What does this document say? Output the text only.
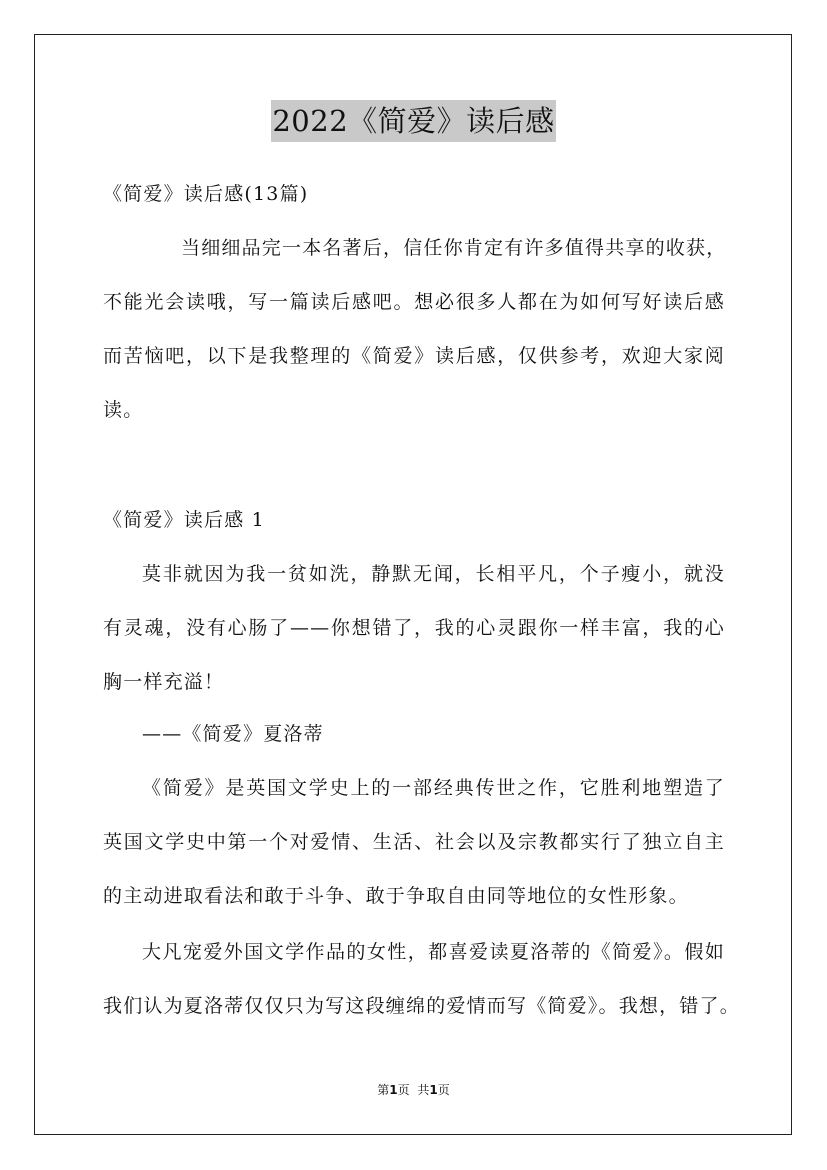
2022《简爱》读后感
《简爱》读后感(13篇)
当细细品完一本名著后，信任你肯定有许多值得共享的收获，
不能光会读哦，写一篇读后感吧。想必很多人都在为如何写好读后感
而苦恼吧，以下是我整理的《简爱》读后感，仅供参考，欢迎大家阅
读。
《简爱》读后感 1
莫非就因为我一贫如洗，静默无闻，长相平凡，个子瘦小，就没
有灵魂，没有心肠了——你想错了，我的心灵跟你一样丰富，我的心
胸一样充溢！
——《简爱》夏洛蒂
《简爱》是英国文学史上的一部经典传世之作，它胜利地塑造了
英国文学史中第一个对爱情、生活、社会以及宗教都实行了独立自主
的主动进取看法和敢于斗争、敢于争取自由同等地位的女性形象。
大凡宠爱外国文学作品的女性，都喜爱读夏洛蒂的《简爱》。假如
我们认为夏洛蒂仅仅只为写这段缠绵的爱情而写《简爱》。我想，错了。
第1页 共1页
